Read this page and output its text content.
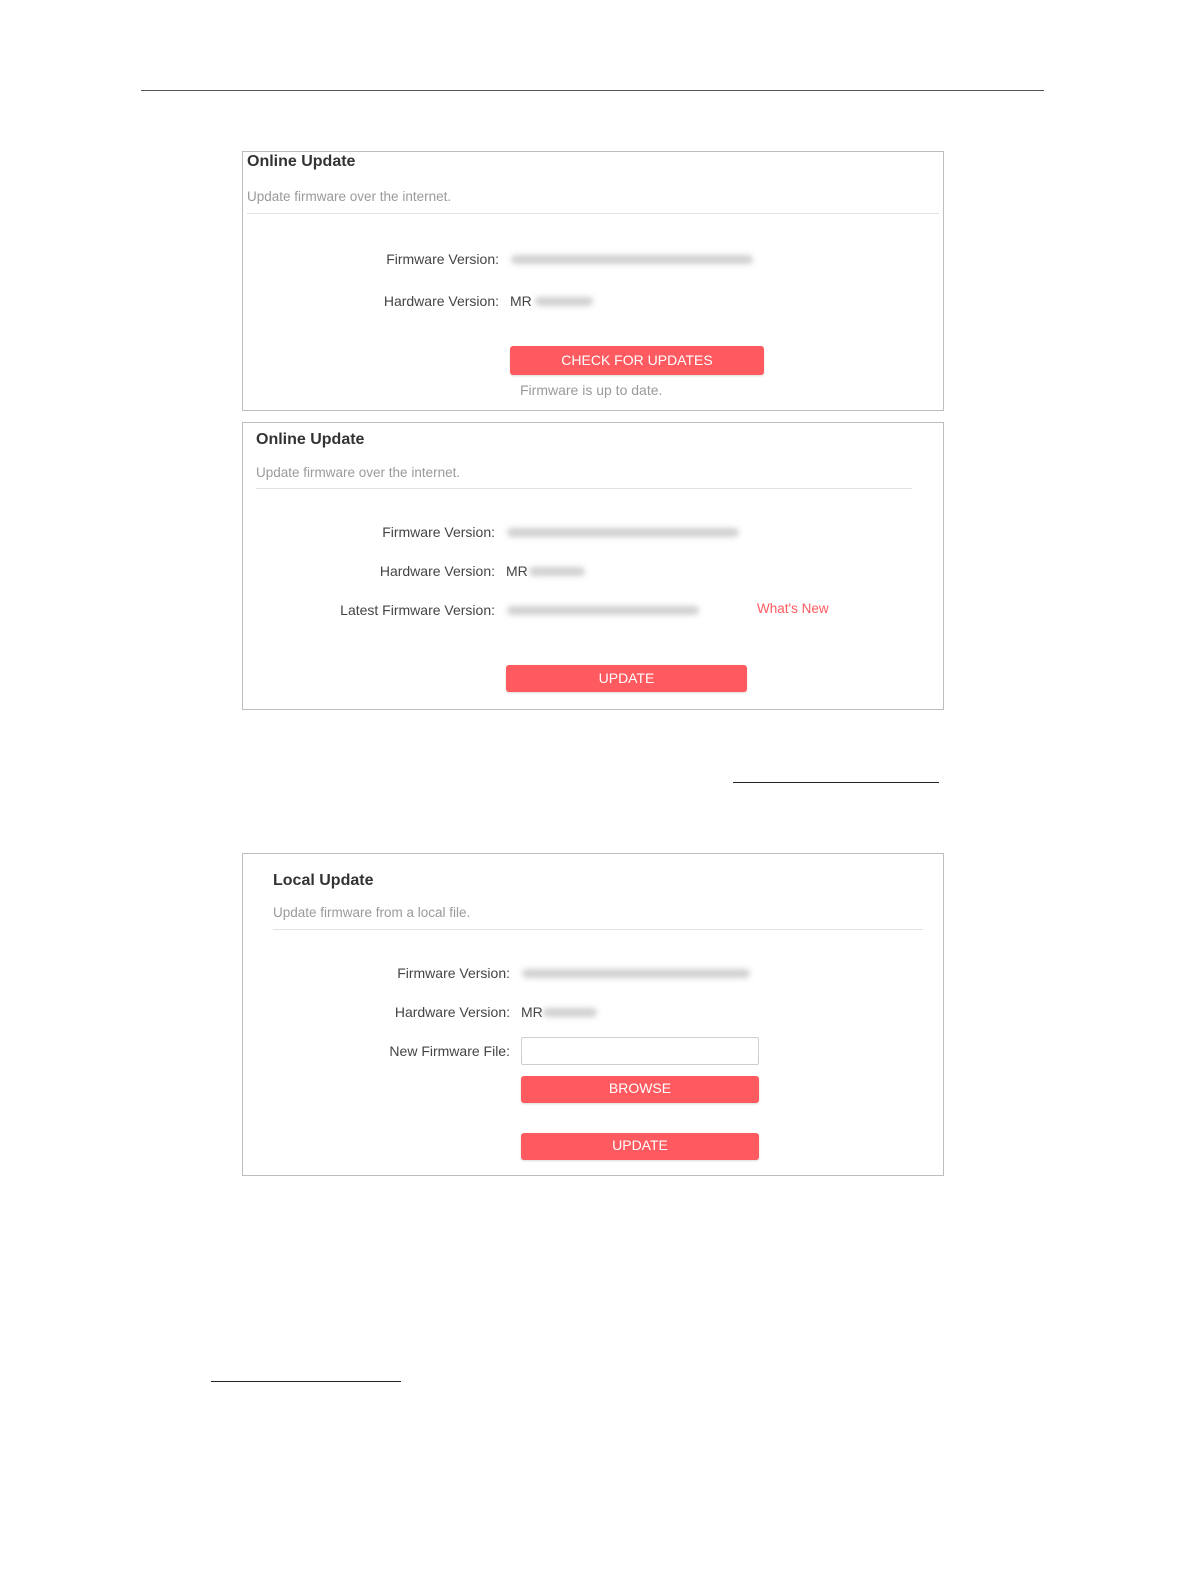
Online Update
Update firmware over the internet.
Firmware Version:
Hardware Version: MR
CHECK FOR UPDATES
Firmware is up to date.
Online Update
Update firmware over the internet.
Firmware Version:
Hardware Version: MR
Latest Firmware Version:	What's New
UPDATE
Local Update
Update firmware from a local file.
Firmware Version:
Hardware Version: MR
New Firmware File:
BROWSE
UPDATE
